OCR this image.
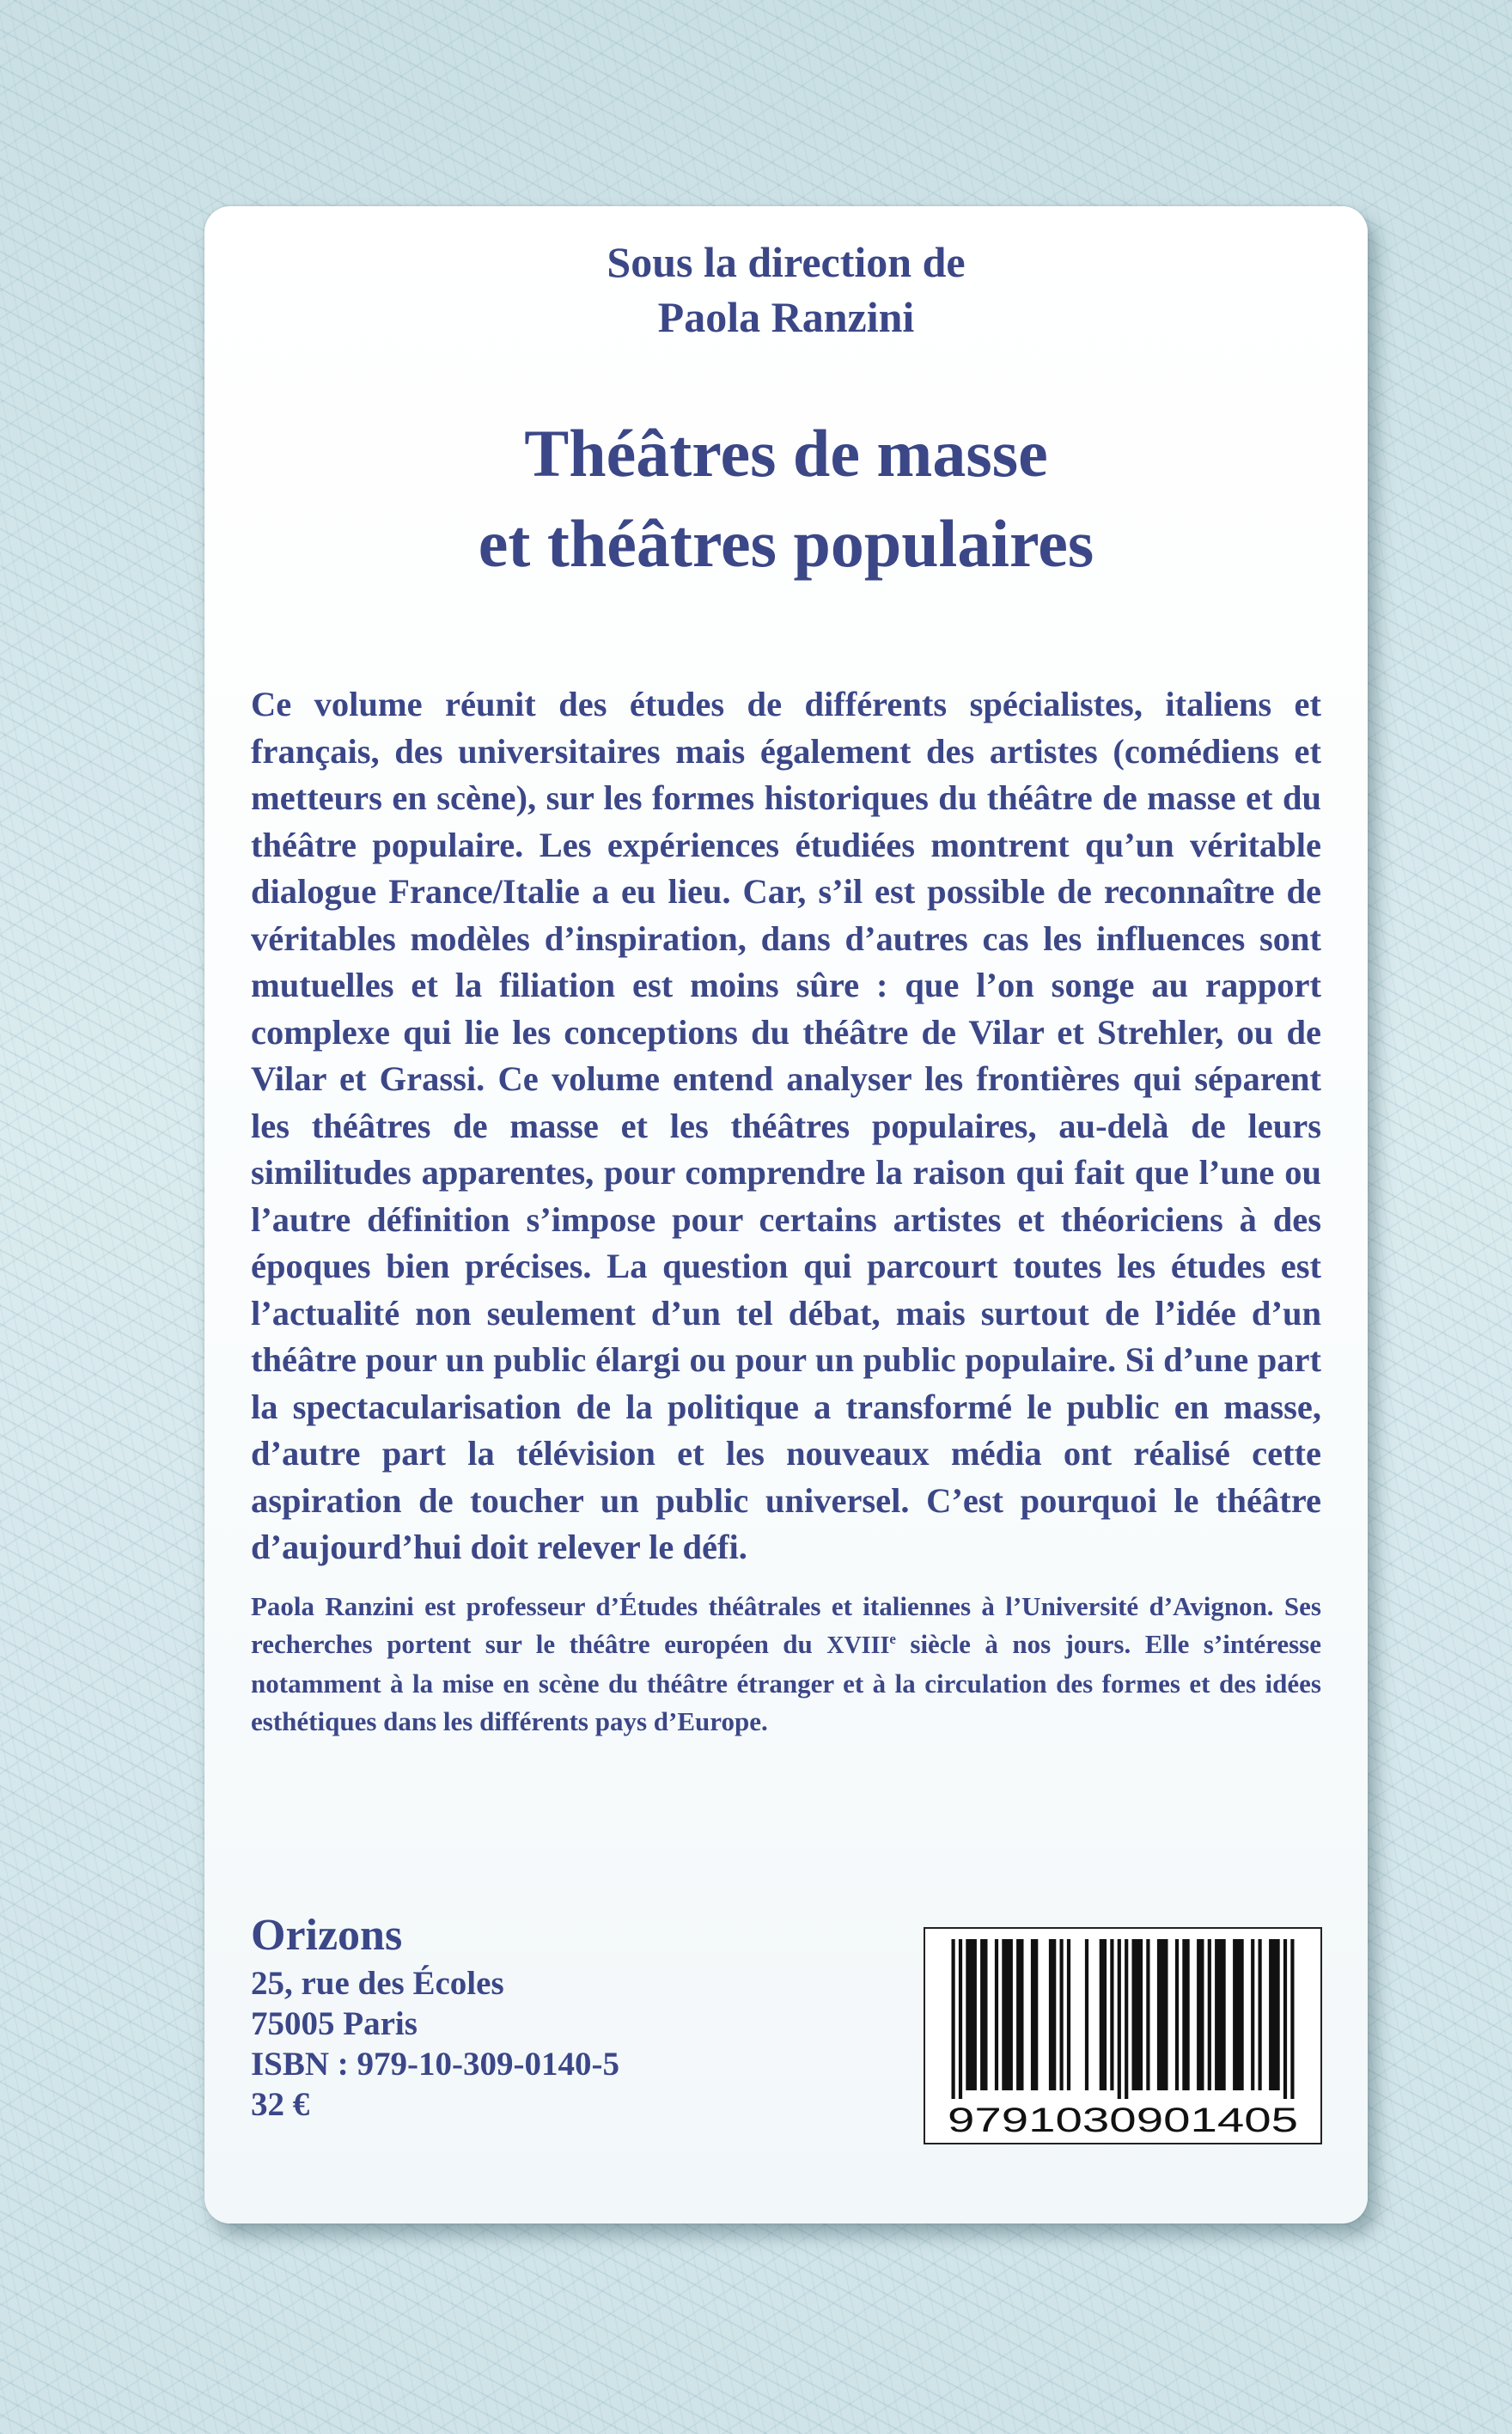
Sous la direction de
Paola Ranzini
Théâtres de masse
et théâtres populaires

Ce volume réunit des études de différents spécialistes, italiens et français, des universitaires mais également des artistes (comédiens et metteurs en scène), sur les formes historiques du théâtre de masse et du théâtre populaire. Les expériences étudiées montrent qu’un véritable dialogue France/Italie a eu lieu. Car, s’il est possible de reconnaître de véritables modèles d’inspiration, dans d’autres cas les influences sont mutuelles et la filiation est moins sûre : que l’on songe au rapport complexe qui lie les conceptions du théâtre de Vilar et Strehler, ou de Vilar et Grassi. Ce volume entend analyser les frontières qui séparent les théâtres de masse et les théâtres populaires, au-delà de leurs similitudes apparentes, pour comprendre la raison qui fait que l’une ou l’autre définition s’impose pour certains artistes et théoriciens à des époques bien précises. La question qui parcourt toutes les études est l’actualité non seulement d’un tel débat, mais surtout de l’idée d’un théâtre pour un public élargi ou pour un public populaire. Si d’une part la spectacularisation de la politique a transformé le public en masse, d’autre part la télévision et les nouveaux média ont réalisé cette aspiration de toucher un public universel. C’est pourquoi le théâtre d’aujourd’hui doit relever le défi.

Paola Ranzini est professeur d’Études théâtrales et italiennes à l’Université d’Avignon. Ses recherches portent sur le théâtre européen du XVIIIe siècle à nos jours. Elle s’intéresse notamment à la mise en scène du théâtre étranger et à la circulation des formes et des idées esthétiques dans les différents pays d’Europe.

Orizons
25, rue des Écoles
75005 Paris
ISBN : 979-10-309-0140-5
32 €	9791030901405
